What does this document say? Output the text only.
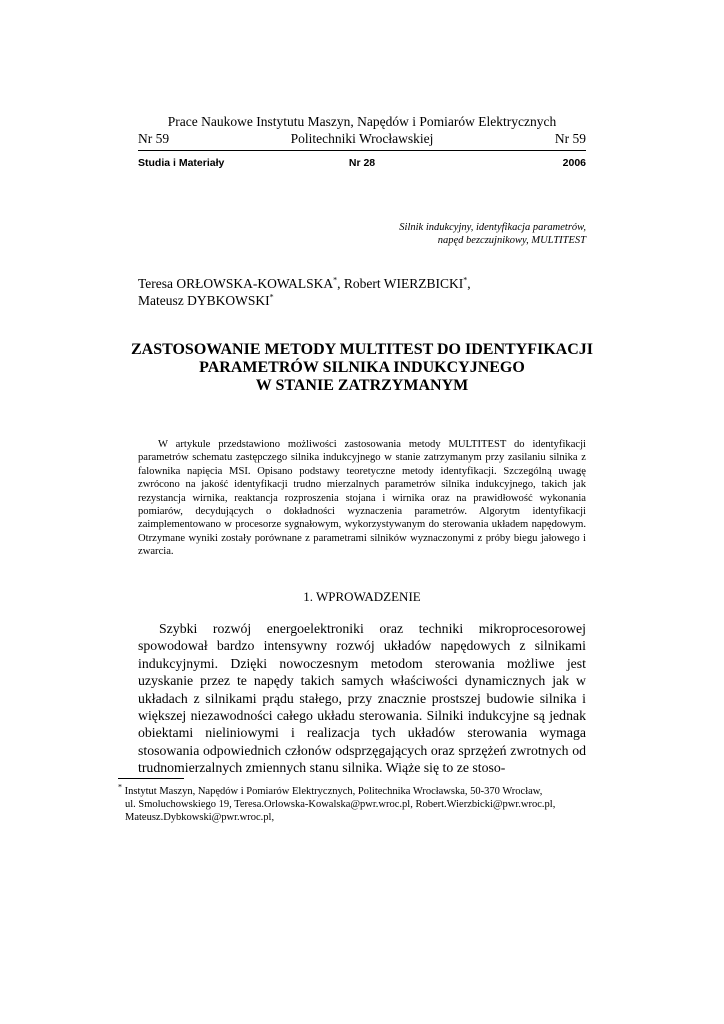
Prace Naukowe Instytutu Maszyn, Napędów i Pomiarów Elektrycznych
Nr 59	Politechniki Wrocławskiej	Nr 59
Studia i Materiały	Nr 28	2006
Silnik indukcyjny, identyfikacja parametrów,
napęd bezczujnikowy, MULTITEST
Teresa ORŁOWSKA-KOWALSKA*, Robert WIERZBICKI*,
Mateusz DYBKOWSKI*
ZASTOSOWANIE METODY MULTITEST DO IDENTYFIKACJI
PARAMETRÓW SILNIKA INDUKCYJNEGO
W STANIE ZATRZYMANYM
W artykule przedstawiono możliwości zastosowania metody MULTITEST do identyfikacji parametrów schematu zastępczego silnika indukcyjnego w stanie zatrzymanym przy zasilaniu silnika z falownika napięcia MSI. Opisano podstawy teoretyczne metody identyfikacji. Szczególną uwagę zwrócono na jakość identyfikacji trudno mierzalnych parametrów silnika indukcyjnego, takich jak rezystancja wirnika, reaktancja rozproszenia stojana i wirnika oraz na prawidłowość wykonania pomiarów, decydujących o dokładności wyznaczenia parametrów. Algorytm identyfikacji zaimplementowano w procesorze sygnałowym, wykorzystywanym do sterowania układem napędowym. Otrzymane wyniki zostały porównane z parametrami silników wyznaczonymi z próby biegu jałowego i zwarcia.
1. WPROWADZENIE
Szybki rozwój energoelektroniki oraz techniki mikroprocesorowej spowodował bardzo intensywny rozwój układów napędowych z silnikami indukcyjnymi. Dzięki nowoczesnym metodom sterowania możliwe jest uzyskanie przez te napędy takich samych właściwości dynamicznych jak w układach z silnikami prądu stałego, przy znacznie prostszej budowie silnika i większej niezawodności całego układu sterowania. Silniki indukcyjne są jednak obiektami nieliniowymi i realizacja tych układów sterowania wymaga stosowania odpowiednich członów odsprzęgających oraz sprzężeń zwrotnych od trudnomierzalnych zmiennych stanu silnika. Wiąże się to ze stoso-
* Instytut Maszyn, Napędów i Pomiarów Elektrycznych, Politechnika Wrocławska, 50-370 Wrocław,
ul. Smoluchowskiego 19, Teresa.Orlowska-Kowalska@pwr.wroc.pl, Robert.Wierzbicki@pwr.wroc.pl,
Mateusz.Dybkowski@pwr.wroc.pl,
